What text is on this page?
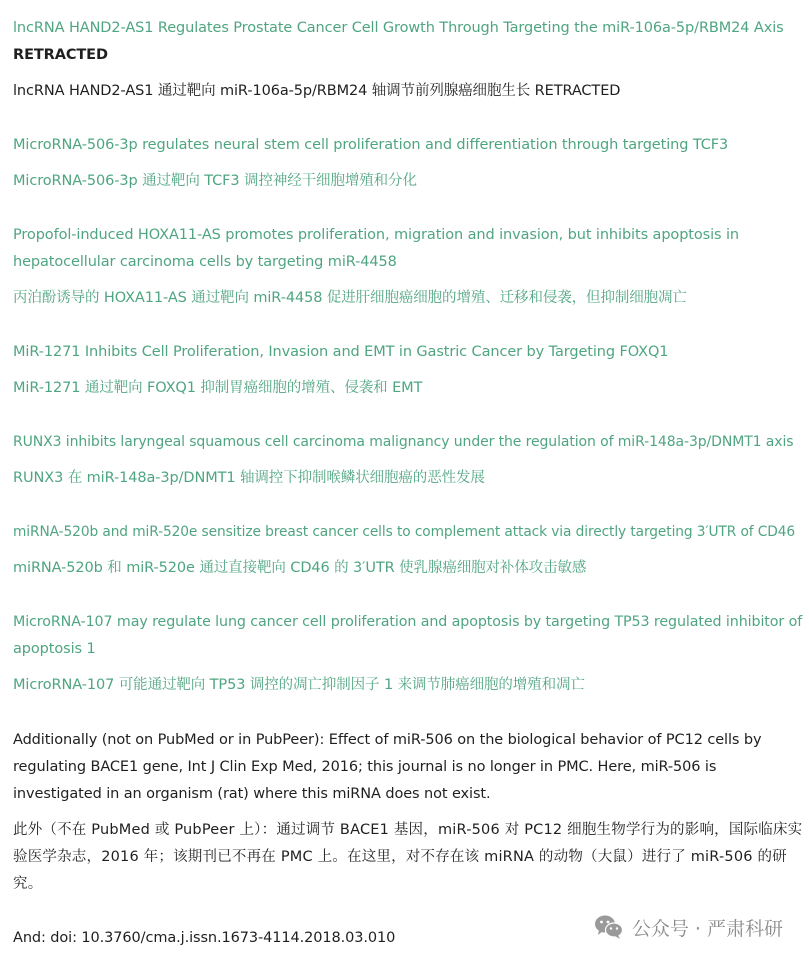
lncRNA HAND2-AS1 Regulates Prostate Cancer Cell Growth Through Targeting the miR-106a-5p/RBM24 Axis
RETRACTED
lncRNA HAND2-AS1 通过靶向 miR-106a-5p/RBM24 轴调节前列腺癌细胞生长 RETRACTED
MicroRNA-506-3p regulates neural stem cell proliferation and differentiation through targeting TCF3
MicroRNA-506-3p 通过靶向 TCF3 调控神经干细胞增殖和分化
Propofol-induced HOXA11-AS promotes proliferation, migration and invasion, but inhibits apoptosis in
hepatocellular carcinoma cells by targeting miR-4458
丙泊酚诱导的 HOXA11-AS 通过靶向 miR-4458 促进肝细胞癌细胞的增殖、迁移和侵袭，但抑制细胞凋亡
MiR-1271 Inhibits Cell Proliferation, Invasion and EMT in Gastric Cancer by Targeting FOXQ1
MiR-1271 通过靶向 FOXQ1 抑制胃癌细胞的增殖、侵袭和 EMT
RUNX3 inhibits laryngeal squamous cell carcinoma malignancy under the regulation of miR-148a-3p/DNMT1 axis
RUNX3 在 miR-148a-3p/DNMT1 轴调控下抑制喉鳞状细胞癌的恶性发展
miRNA-520b and miR-520e sensitize breast cancer cells to complement attack via directly targeting 3′UTR of CD46
miRNA-520b 和 miR-520e 通过直接靶向 CD46 的 3′UTR 使乳腺癌细胞对补体攻击敏感
MicroRNA-107 may regulate lung cancer cell proliferation and apoptosis by targeting TP53 regulated inhibitor of
apoptosis 1
MicroRNA-107 可能通过靶向 TP53 调控的凋亡抑制因子 1 来调节肺癌细胞的增殖和凋亡
Additionally (not on PubMed or in PubPeer): Effect of miR-506 on the biological behavior of PC12 cells by regulating BACE1 gene, Int J Clin Exp Med, 2016; this journal is no longer in PMC. Here, miR-506 is investigated in an organism (rat) where this miRNA does not exist.
此外（不在 PubMed 或 PubPeer 上）：通过调节 BACE1 基因，miR-506 对 PC12 细胞生物学行为的影响，国际临床实验医学杂志，2016 年；该期刊已不再在 PMC 上。在这里，对不存在该 miRNA 的动物（大鼠）进行了 miR-506 的研究。
And: doi: 10.3760/cma.j.issn.1673-4114.2018.03.010	公众号 · 严肃科研
